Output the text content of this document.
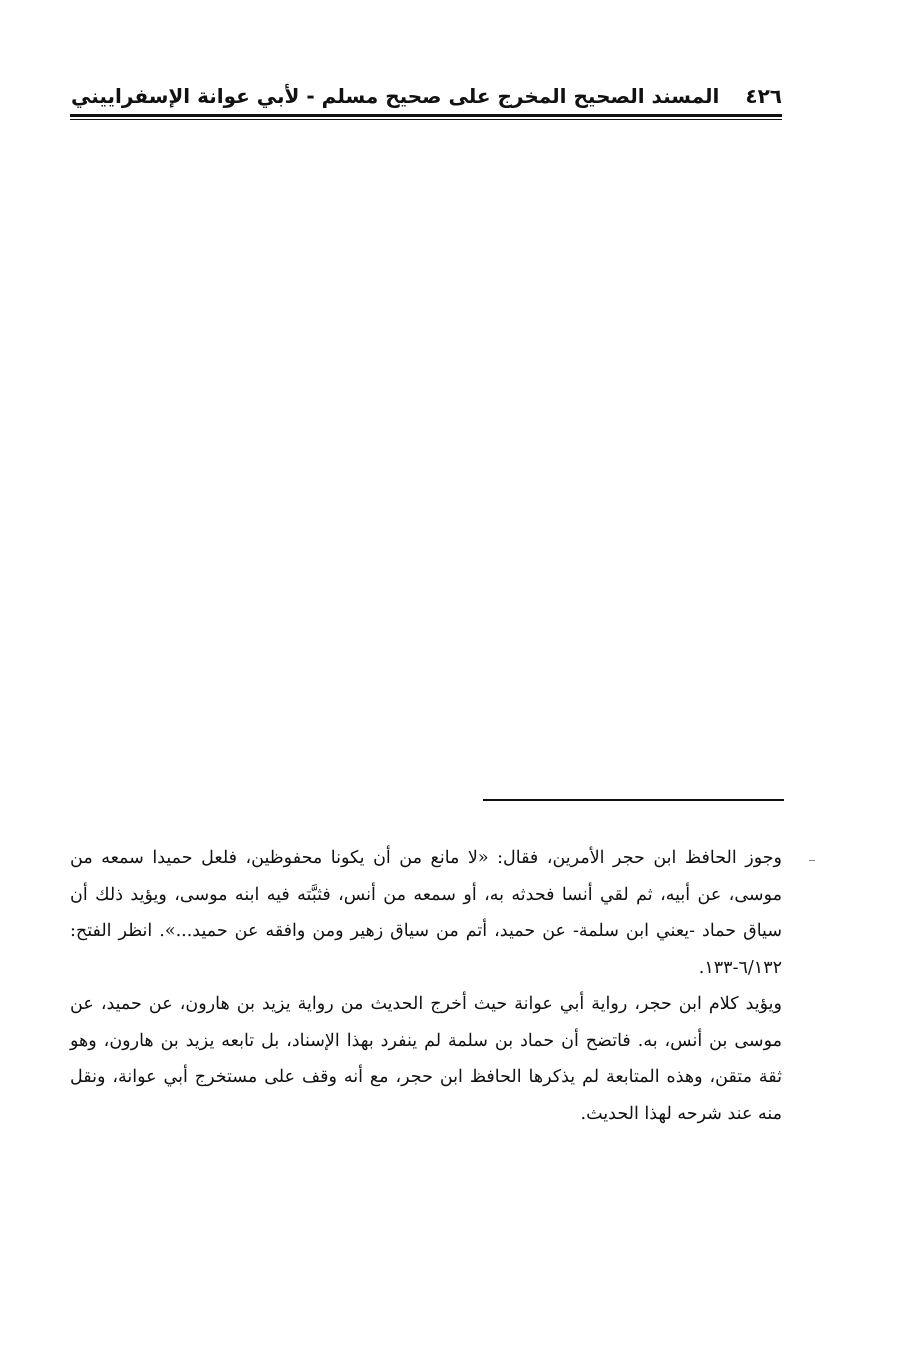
٤٢٦
المسند الصحيح المخرج على صحيح مسلم - لأبي عوانة الإسفراييني

وجوز الحافظ ابن حجر الأمرين، فقال: «لا مانع من أن يكونا محفوظين، فلعل حميدا سمعه من موسى، عن أبيه، ثم لقي أنسا فحدثه به، أو سمعه من أنس، فثبَّته فيه ابنه موسى، ويؤيد ذلك أن سياق حماد -يعني ابن سلمة- عن حميد، أتم من سياق زهير ومن وافقه عن حميد...». انظر الفتح: ٦/١٣٢-١٣٣.

ويؤيد كلام ابن حجر، رواية أبي عوانة حيث أخرج الحديث من رواية يزيد بن هارون، عن حميد، عن موسى بن أنس، به. فاتضح أن حماد بن سلمة لم ينفرد بهذا الإسناد، بل تابعه يزيد بن هارون، وهو ثقة متقن، وهذه المتابعة لم يذكرها الحافظ ابن حجر، مع أنه وقف على مستخرج أبي عوانة، ونقل منه عند شرحه لهذا الحديث.
